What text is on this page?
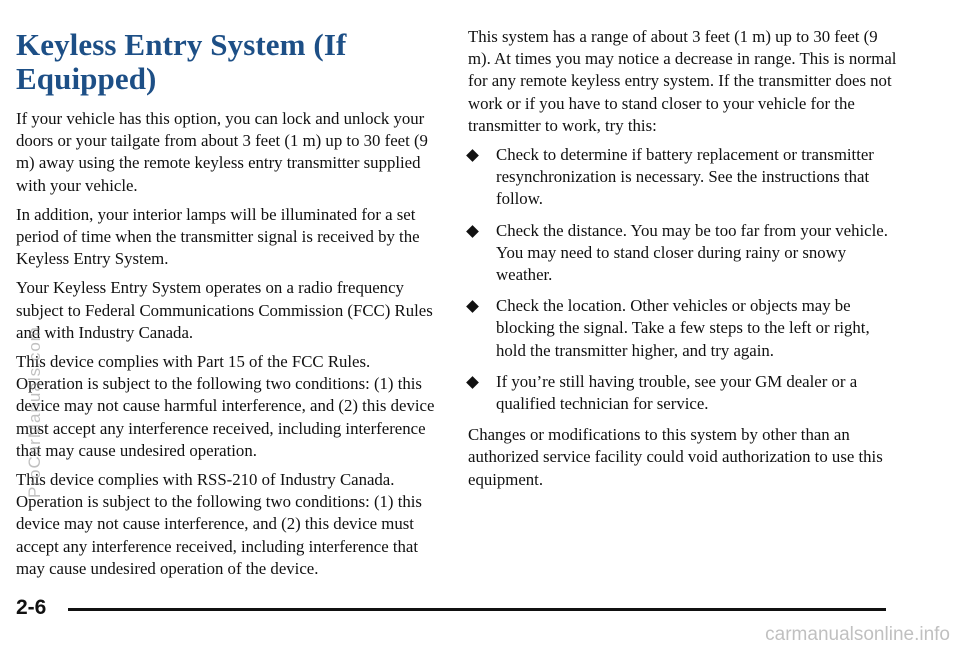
Keyless Entry System (If Equipped)

If your vehicle has this option, you can lock and unlock your doors or your tailgate from about 3 feet (1 m) up to 30 feet (9 m) away using the remote keyless entry transmitter supplied with your vehicle.

In addition, your interior lamps will be illuminated for a set period of time when the transmitter signal is received by the Keyless Entry System.

Your Keyless Entry System operates on a radio frequency subject to Federal Communications Commission (FCC) Rules and with Industry Canada.

This device complies with Part 15 of the FCC Rules. Operation is subject to the following two conditions: (1) this device may not cause harmful interference, and (2) this device must accept any interference received, including interference that may cause undesired operation.

This device complies with RSS-210 of Industry Canada. Operation is subject to the following two conditions: (1) this device may not cause interference, and (2) this device must accept any interference received, including interference that may cause undesired operation of the device.

This system has a range of about 3 feet (1 m) up to 30 feet (9 m). At times you may notice a decrease in range. This is normal for any remote keyless entry system. If the transmitter does not work or if you have to stand closer to your vehicle for the transmitter to work, try this:

Check to determine if battery replacement or transmitter resynchronization is necessary. See the instructions that follow.
Check the distance. You may be too far from your vehicle. You may need to stand closer during rainy or snowy weather.
Check the location. Other vehicles or objects may be blocking the signal. Take a few steps to the left or right, hold the transmitter higher, and try again.
If you’re still having trouble, see your GM dealer or a qualified technician for service.

Changes or modifications to this system by other than an authorized service facility could void authorization to use this equipment.

2-6
ProCarManuals.com
carmanualsonline.info
